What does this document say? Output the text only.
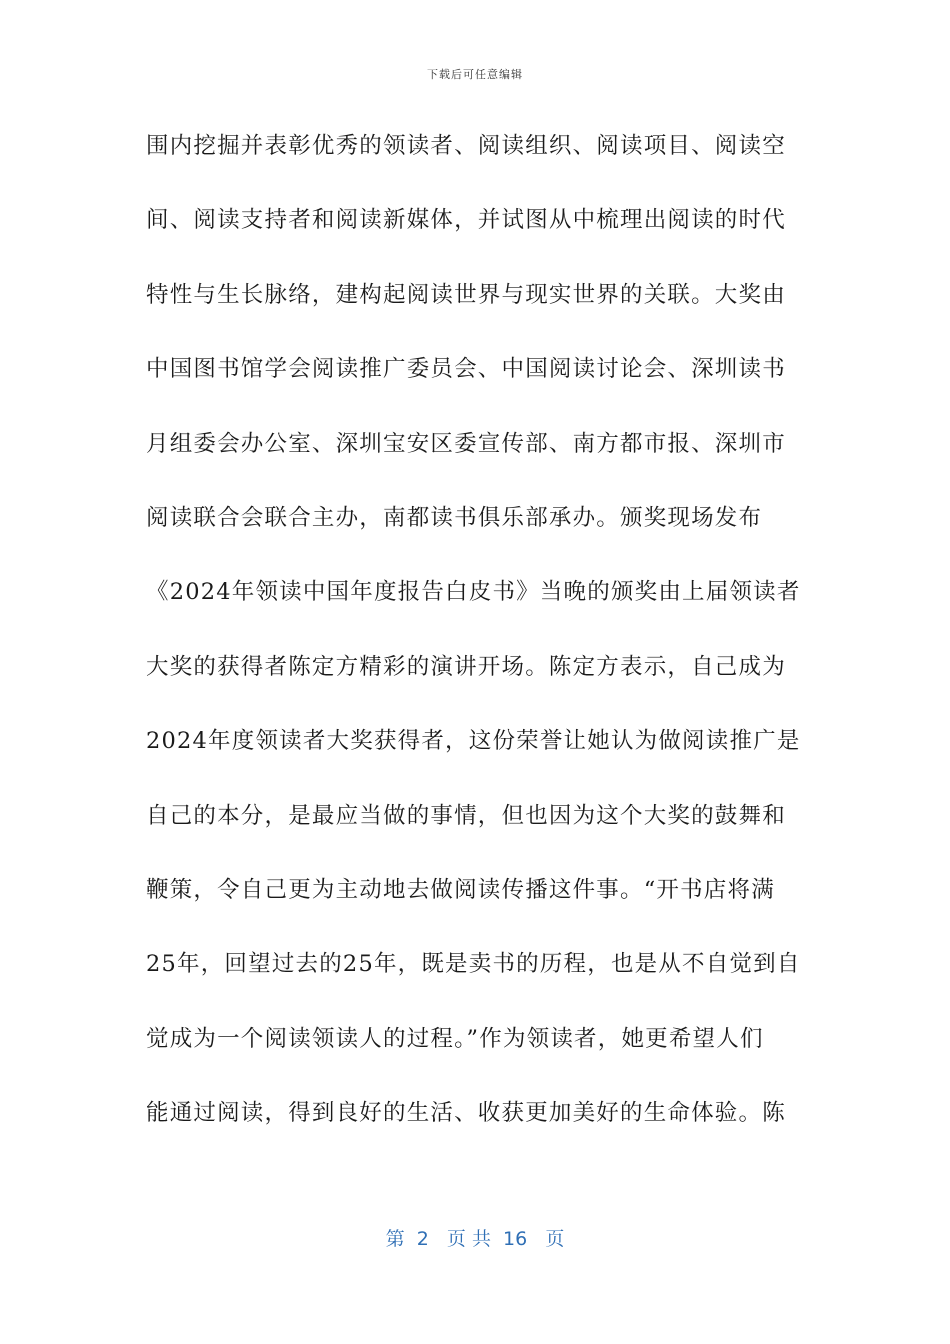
下载后可任意编辑
围内挖掘并表彰优秀的领读者、阅读组织、阅读项目、阅读空
间、阅读支持者和阅读新媒体，并试图从中梳理出阅读的时代
特性与生长脉络，建构起阅读世界与现实世界的关联。大奖由
中国图书馆学会阅读推广委员会、中国阅读讨论会、深圳读书
月组委会办公室、深圳宝安区委宣传部、南方都市报、深圳市
阅读联合会联合主办，南都读书俱乐部承办。颁奖现场发布
《2024年领读中国年度报告白皮书》当晚的颁奖由上届领读者
大奖的获得者陈定方精彩的演讲开场。陈定方表示，自己成为
2024年度领读者大奖获得者，这份荣誉让她认为做阅读推广是
自己的本分，是最应当做的事情，但也因为这个大奖的鼓舞和
鞭策，令自己更为主动地去做阅读传播这件事。“开书店将满
25年，回望过去的25年，既是卖书的历程，也是从不自觉到自
觉成为一个阅读领读人的过程。”作为领读者，她更希望人们
能通过阅读，得到良好的生活、收获更加美好的生命体验。陈
第  2   页 共  16   页
